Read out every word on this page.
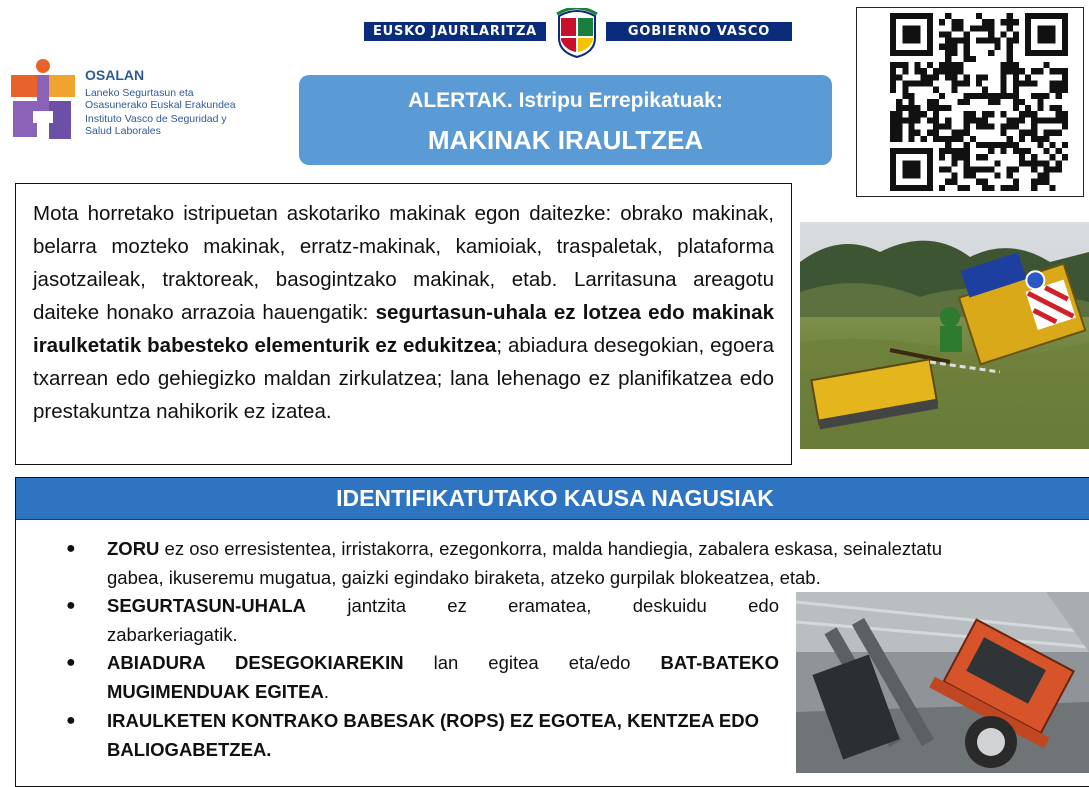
EUSKO JAURLARITZA	GOBIERNO VASCO
OSALAN
Laneko Segurtasun eta
Osasunerako Euskal Erakundea
Instituto Vasco de Seguridad y
Salud Laborales
ALERTAK. Istripu Errepikatuak:
MAKINAK IRAULTZEA
Mota horretako istripuetan askotariko makinak egon daitezke: obrako makinak, belarra mozteko makinak, erratz-makinak, kamioiak, traspaletak, plataforma jasotzaileak, traktoreak, basogintzako makinak, etab. Larritasuna areagotu daiteke honako arrazoia hauengatik: segurtasun-uhala ez lotzea edo makinak iraulketatik babesteko elementurik ez edukitzea; abiadura desegokian, egoera txarrean edo gehiegizko maldan zirkulatzea; lana lehenago ez planifikatzea edo prestakuntza nahikorik ez izatea.
IDENTIFIKATUTAKO KAUSA NAGUSIAK
● ZORU ez oso erresistentea, irristakorra, ezegonkorra, malda handiegia, zabalera eskasa, seinaleztatu
gabea, ikuseremu mugatua, gaizki egindako biraketa, atzeko gurpilak blokeatzea, etab.
● SEGURTASUN-UHALA jantzita ez eramatea, deskuidu edo
zabarkeriagatik.
● ABIADURA DESEGOKIAREKIN lan egitea eta/edo BAT-BATEKO
MUGIMENDUAK EGITEA.
● IRAULKETEN KONTRAKO BABESAK (ROPS) EZ EGOTEA, KENTZEA EDO
BALIOGABETZEA.
